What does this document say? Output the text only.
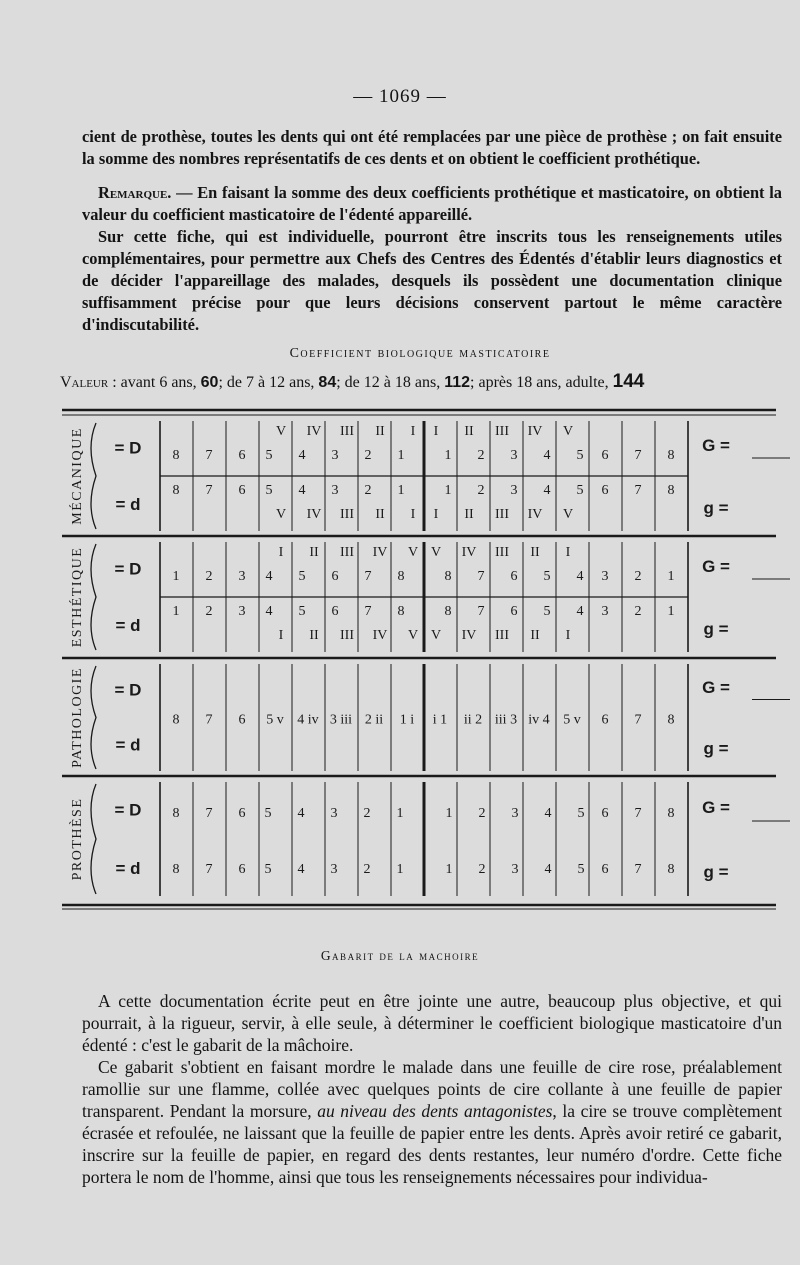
— 1069 —

cient de prothèse, toutes les dents qui ont été remplacées par une pièce de prothèse ; on fait ensuite la somme des nombres représentatifs de ces dents et on obtient le coefficient prothétique.

Remarque. — En faisant la somme des deux coefficients prothétique et masticatoire, on obtient la valeur du coefficient masticatoire de l'édenté appareillé.

Sur cette fiche, qui est individuelle, pourront être inscrits tous les renseignements utiles complémentaires, pour permettre aux Chefs des Centres des Édentés d'établir leurs diagnostics et de décider l'appareillage des malades, desquels ils possèdent une documentation clinique suffisamment précise pour que leurs décisions conservent partout le même caractère d'indiscutabilité.

Coefficient biologique masticatoire
Valeur : avant 6 ans, 60; de 7 à 12 ans, 84; de 12 à 18 ans, 112; après 18 ans, adulte, 144
MÉCANIQUE = D
= d
G =
g =
8
8
7
7
6
6
V
5
5
V
IV
4
4
IV
III
3
3
III
II
2
2
II
I
1
1
I
I
1
1
I
II
2
2
II
III
3
3
III
IV
4
4
IV
V
5
5
V
6
6
7
7
8
8
ESTHÉTIQUE = D
= d
G =
g =
1
1
2
2
3
3
I
4
4
I
II
5
5
II
III
6
6
III
IV
7
7
IV
V
8
8
V
V
8
8
V
IV
7
7
IV
III
6
6
III
II
5
5
II
I
4
4
I
3
3
2
2
1
1
PATHOLOGIE = D
= d
G =
g =
8 7 6 5 v 4 iv 3 iii 2 ii 1 i i 1 ii 2 iii 3 iv 4 5 v 6 7 8
PROTHÈSE = D
= d
G =
g =
8
8
7
7
6
6
5
5
4
4
3
3
2
2
1
1
1
1
2
2
3
3
4
4
5
5
6
6
7
7
8
8
Gabarit de la machoire

A cette documentation écrite peut en être jointe une autre, beaucoup plus objective, et qui pourrait, à la rigueur, servir, à elle seule, à déterminer le coefficient biologique masticatoire d'un édenté : c'est le gabarit de la mâchoire.

Ce gabarit s'obtient en faisant mordre le malade dans une feuille de cire rose, préalablement ramollie sur une flamme, collée avec quelques points de cire collante à une feuille de papier transparent. Pendant la morsure, au niveau des dents antagonistes, la cire se trouve complètement écrasée et refoulée, ne laissant que la feuille de papier entre les dents. Après avoir retiré ce gabarit, inscrire sur la feuille de papier, en regard des dents restantes, leur numéro d'ordre. Cette fiche portera le nom de l'homme, ainsi que tous les renseignements nécessaires pour individua-
